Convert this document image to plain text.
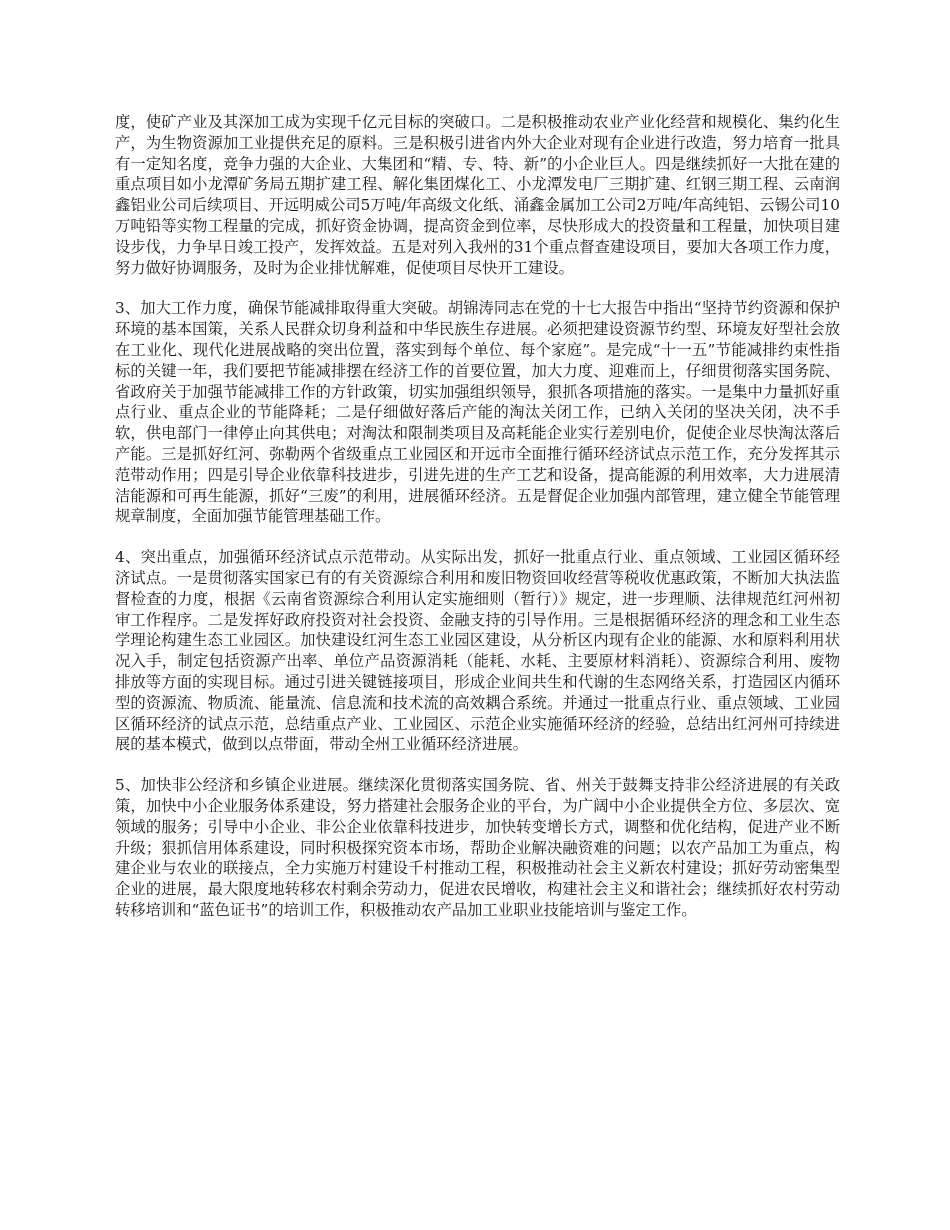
度，使矿产业及其深加工成为实现千亿元目标的突破口。二是积极推动农业产业化经营和规模化、集约化生产，为生物资源加工业提供充足的原料。三是积极引进省内外大企业对现有企业进行改造，努力培育一批具有一定知名度，竞争力强的大企业、大集团和“精、专、特、新”的小企业巨人。四是继续抓好一大批在建的重点项目如小龙潭矿务局五期扩建工程、解化集团煤化工、小龙潭发电厂三期扩建、红钢三期工程、云南润鑫铝业公司后续项目、开远明威公司5万吨/年高级文化纸、涌鑫金属加工公司2万吨/年高纯铝、云锡公司10万吨铅等实物工程量的完成，抓好资金协调，提高资金到位率，尽快形成大的投资量和工程量，加快项目建设步伐，力争早日竣工投产，发挥效益。五是对列入我州的31个重点督查建设项目，要加大各项工作力度，努力做好协调服务，及时为企业排忧解难，促使项目尽快开工建设。

3、加大工作力度，确保节能减排取得重大突破。胡锦涛同志在党的十七大报告中指出“坚持节约资源和保护环境的基本国策，关系人民群众切身利益和中华民族生存进展。必须把建设资源节约型、环境友好型社会放在工业化、现代化进展战略的突出位置，落实到每个单位、每个家庭”。是完成“十一五”节能减排约束性指标的关键一年，我们要把节能减排摆在经济工作的首要位置，加大力度、迎难而上，仔细贯彻落实国务院、省政府关于加强节能减排工作的方针政策，切实加强组织领导，狠抓各项措施的落实。一是集中力量抓好重点行业、重点企业的节能降耗；二是仔细做好落后产能的淘汰关闭工作，已纳入关闭的坚决关闭，决不手软，供电部门一律停止向其供电；对淘汰和限制类项目及高耗能企业实行差别电价，促使企业尽快淘汰落后产能。三是抓好红河、弥勒两个省级重点工业园区和开远市全面推行循环经济试点示范工作，充分发挥其示范带动作用；四是引导企业依靠科技进步，引进先进的生产工艺和设备，提高能源的利用效率，大力进展清洁能源和可再生能源，抓好“三废”的利用，进展循环经济。五是督促企业加强内部管理，建立健全节能管理规章制度，全面加强节能管理基础工作。

4、突出重点，加强循环经济试点示范带动。从实际出发，抓好一批重点行业、重点领域、工业园区循环经济试点。一是贯彻落实国家已有的有关资源综合利用和废旧物资回收经营等税收优惠政策，不断加大执法监督检查的力度，根据《云南省资源综合利用认定实施细则（暂行）》规定，进一步理顺、法律规范红河州初审工作程序。二是发挥好政府投资对社会投资、金融支持的引导作用。三是根据循环经济的理念和工业生态学理论构建生态工业园区。加快建设红河生态工业园区建设，从分析区内现有企业的能源、水和原料利用状况入手，制定包括资源产出率、单位产品资源消耗（能耗、水耗、主要原材料消耗）、资源综合利用、废物排放等方面的实现目标。通过引进关键链接项目，形成企业间共生和代谢的生态网络关系，打造园区内循环型的资源流、物质流、能量流、信息流和技术流的高效耦合系统。并通过一批重点行业、重点领域、工业园区循环经济的试点示范，总结重点产业、工业园区、示范企业实施循环经济的经验，总结出红河州可持续进展的基本模式，做到以点带面，带动全州工业循环经济进展。

5、加快非公经济和乡镇企业进展。继续深化贯彻落实国务院、省、州关于鼓舞支持非公经济进展的有关政策，加快中小企业服务体系建设，努力搭建社会服务企业的平台，为广阔中小企业提供全方位、多层次、宽领域的服务；引导中小企业、非公企业依靠科技进步，加快转变增长方式，调整和优化结构，促进产业不断升级；狠抓信用体系建设，同时积极探究资本市场，帮助企业解决融资难的问题；以农产品加工为重点，构建企业与农业的联接点，全力实施万村建设千村推动工程，积极推动社会主义新农村建设；抓好劳动密集型企业的进展，最大限度地转移农村剩余劳动力，促进农民增收，构建社会主义和谐社会；继续抓好农村劳动转移培训和“蓝色证书”的培训工作，积极推动农产品加工业职业技能培训与鉴定工作。
